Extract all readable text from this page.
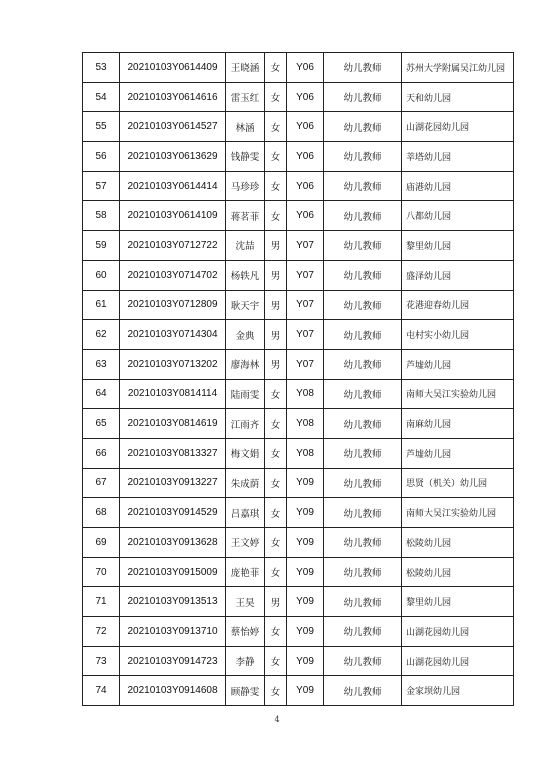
53	20210103Y0614409	王晓涵	女	Y06	幼儿教师	苏州大学附属吴江幼儿园
54	20210103Y0614616	雷玉红	女	Y06	幼儿教师	天和幼儿园
55	20210103Y0614527	林涵	女	Y06	幼儿教师	山湖花园幼儿园
56	20210103Y0613629	钱静雯	女	Y06	幼儿教师	莘塔幼儿园
57	20210103Y0614414	马珍珍	女	Y06	幼儿教师	庙港幼儿园
58	20210103Y0614109	蒋茗菲	女	Y06	幼儿教师	八都幼儿园
59	20210103Y0712722	沈喆	男	Y07	幼儿教师	黎里幼儿园
60	20210103Y0714702	杨轶凡	男	Y07	幼儿教师	盛泽幼儿园
61	20210103Y0712809	耿天宇	男	Y07	幼儿教师	花港迎春幼儿园
62	20210103Y0714304	金典	男	Y07	幼儿教师	屯村实小幼儿园
63	20210103Y0713202	廖海林	男	Y07	幼儿教师	芦墟幼儿园
64	20210103Y0814114	陆雨雯	女	Y08	幼儿教师	南师大吴江实验幼儿园
65	20210103Y0814619	江雨齐	女	Y08	幼儿教师	南麻幼儿园
66	20210103Y0813327	梅文娟	女	Y08	幼儿教师	芦墟幼儿园
67	20210103Y0913227	朱成荫	女	Y09	幼儿教师	思贤（机关）幼儿园
68	20210103Y0914529	吕嘉琪	女	Y09	幼儿教师	南师大吴江实验幼儿园
69	20210103Y0913628	王文婷	女	Y09	幼儿教师	松陵幼儿园
70	20210103Y0915009	庞艳菲	女	Y09	幼儿教师	松陵幼儿园
71	20210103Y0913513	王昊	男	Y09	幼儿教师	黎里幼儿园
72	20210103Y0913710	蔡怡婷	女	Y09	幼儿教师	山湖花园幼儿园
73	20210103Y0914723	李静	女	Y09	幼儿教师	山湖花园幼儿园
74	20210103Y0914608	顾静雯	女	Y09	幼儿教师	金家坝幼儿园
4
